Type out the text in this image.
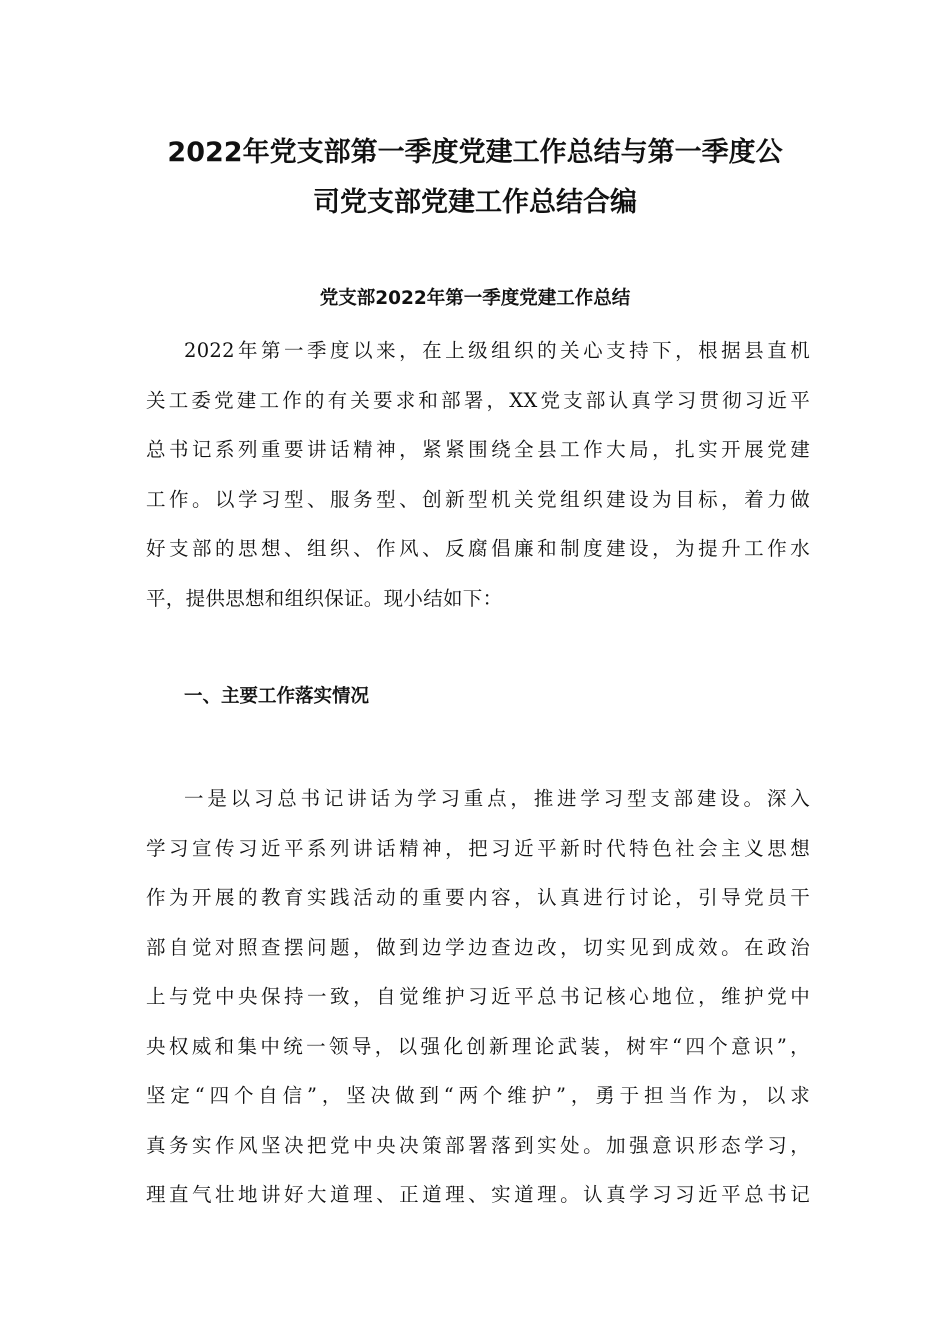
2022年党支部第一季度党建工作总结与第一季度公
司党支部党建工作总结合编
党支部2022年第一季度党建工作总结
2022年第一季度以来，在上级组织的关心支持下，根据县直机
关工委党建工作的有关要求和部署，XX党支部认真学习贯彻习近平
总书记系列重要讲话精神，紧紧围绕全县工作大局，扎实开展党建
工作。以学习型、服务型、创新型机关党组织建设为目标，着力做
好支部的思想、组织、作风、反腐倡廉和制度建设，为提升工作水
平，提供思想和组织保证。现小结如下：
一、主要工作落实情况
一是以习总书记讲话为学习重点，推进学习型支部建设。深入
学习宣传习近平系列讲话精神，把习近平新时代特色社会主义思想
作为开展的教育实践活动的重要内容，认真进行讨论，引导党员干
部自觉对照查摆问题，做到边学边查边改，切实见到成效。在政治
上与党中央保持一致，自觉维护习近平总书记核心地位，维护党中
央权威和集中统一领导，以强化创新理论武装，树牢“四个意识”，
坚定“四个自信”，坚决做到“两个维护”，勇于担当作为，以求
真务实作风坚决把党中央决策部署落到实处。加强意识形态学习，
理直气壮地讲好大道理、正道理、实道理。认真学习习近平总书记
